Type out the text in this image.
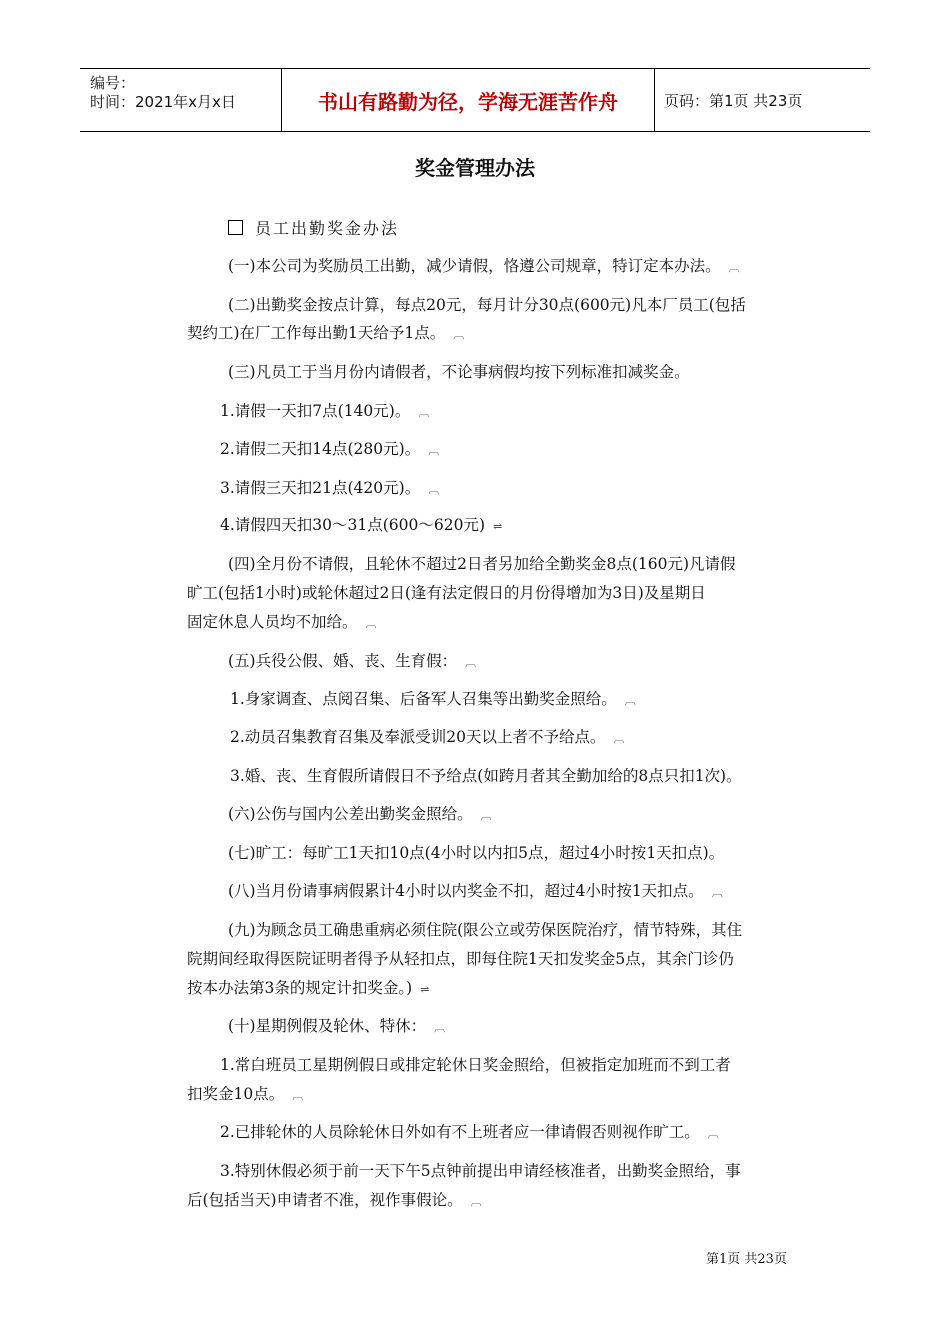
编号：
时间：2021年x月x日	书山有路勤为径，学海无涯苦作舟	页码：第1页 共23页
奖金管理办法
员工出勤奖金办法
(一)本公司为奖励员工出勤，减少请假，恪遵公司规章，特订定本办法。 ︹
(二)出勤奖金按点计算，每点20元，每月计分30点(600元)凡本厂员工(包括
契约工)在厂工作每出勤1天给予1点。 ︹
(三)凡员工于当月份内请假者，不论事病假均按下列标准扣减奖金。
1.请假一天扣7点(140元)。 ︹
2.请假二天扣14点(280元)。 ︹
3.请假三天扣21点(420元)。 ︹
4.请假四天扣30～31点(600～620元) ⇌
(四)全月份不请假，且轮休不超过2日者另加给全勤奖金8点(160元)凡请假
旷工(包括1小时)或轮休超过2日(逢有法定假日的月份得增加为3日)及星期日
固定休息人员均不加给。 ︹
(五)兵役公假、婚、丧、生育假： ︹
1.身家调查、点阅召集、后备军人召集等出勤奖金照给。 ︹
2.动员召集教育召集及奉派受训20天以上者不予给点。 ︹
3.婚、丧、生育假所请假日不予给点(如跨月者其全勤加给的8点只扣1次)。
(六)公伤与国内公差出勤奖金照给。 ︹
(七)旷工：每旷工1天扣10点(4小时以内扣5点，超过4小时按1天扣点)。
(八)当月份请事病假累计4小时以内奖金不扣，超过4小时按1天扣点。 ︹
(九)为顾念员工确患重病必须住院(限公立或劳保医院治疗，情节特殊，其住
院期间经取得医院证明者得予从轻扣点，即每住院1天扣发奖金5点，其余门诊仍
按本办法第3条的规定计扣奖金。) ⇌
(十)星期例假及轮休、特休： ︹
1.常白班员工星期例假日或排定轮休日奖金照给，但被指定加班而不到工者
扣奖金10点。 ︹
2.已排轮休的人员除轮休日外如有不上班者应一律请假否则视作旷工。 ︹
3.特别休假必须于前一天下午5点钟前提出申请经核准者，出勤奖金照给，事
后(包括当天)申请者不准，视作事假论。 ︹
第1页 共23页
